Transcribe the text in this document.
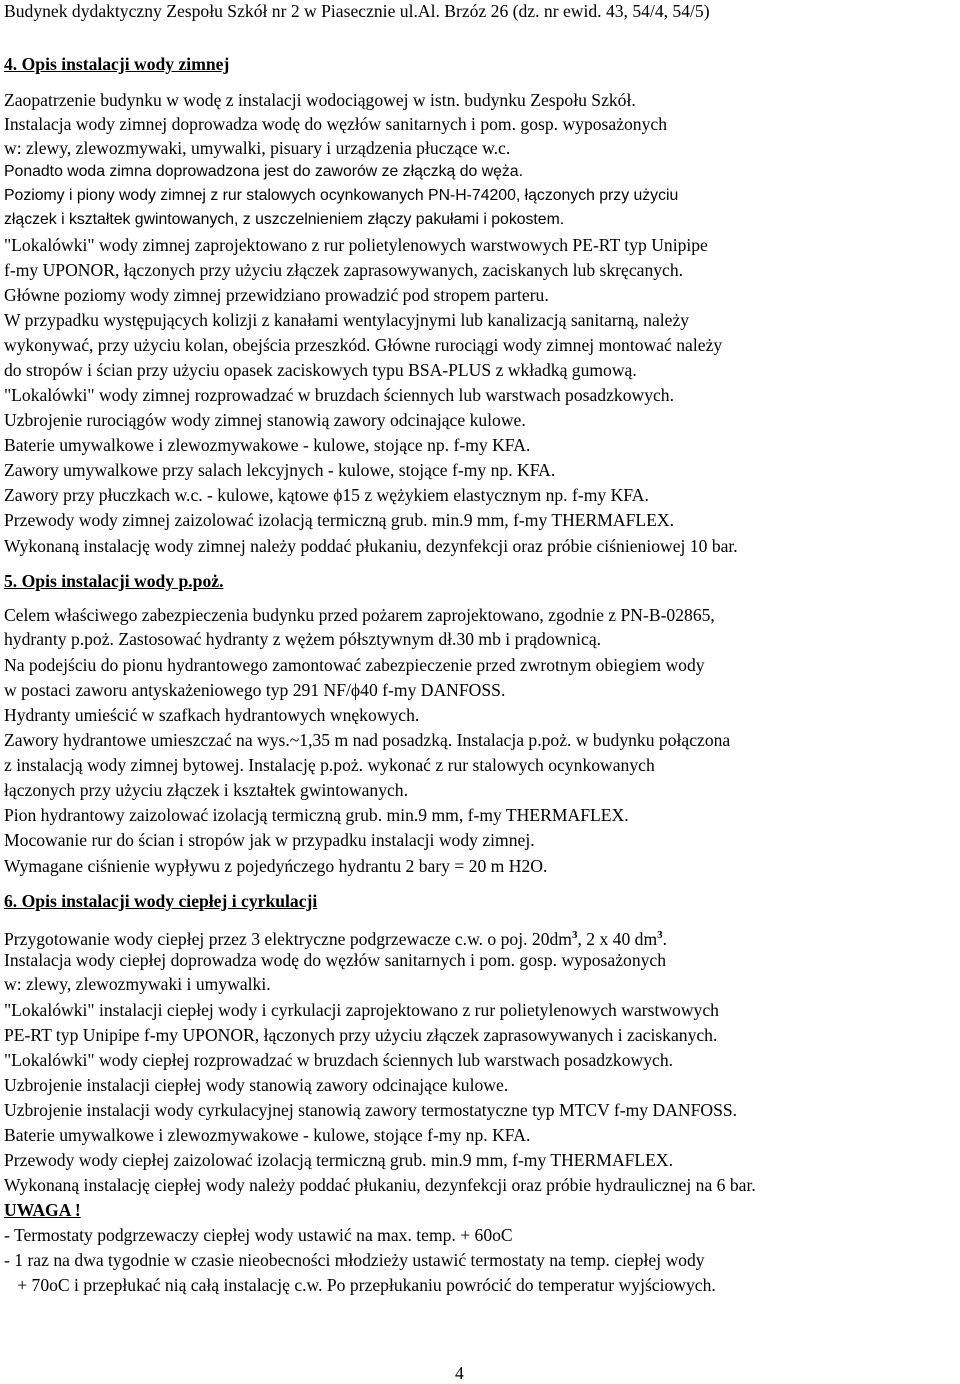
Budynek dydaktyczny Zespołu Szkół nr 2 w Piasecznie ul.Al. Brzóz 26 (dz. nr ewid. 43, 54/4, 54/5)
4. Opis instalacji wody zimnej
Zaopatrzenie budynku w wodę z instalacji wodociągowej w istn. budynku Zespołu Szkół.
Instalacja wody zimnej doprowadza wodę do węzłów sanitarnych i pom. gosp. wyposażonych
w: zlewy, zlewozmywaki, umywalki, pisuary i urządzenia płuczące w.c.
Ponadto woda zimna doprowadzona jest do zaworów ze złączką do węża.
Poziomy i piony wody zimnej z rur stalowych ocynkowanych PN-H-74200, łączonych przy użyciu
złączek i kształtek gwintowanych, z uszczelnieniem złączy pakułami i pokostem.
"Lokalówki" wody zimnej zaprojektowano z rur polietylenowych warstwowych PE-RT typ Unipipe
f-my UPONOR, łączonych przy użyciu złączek zaprasowywanych, zaciskanych lub skręcanych.
Główne poziomy wody zimnej przewidziano prowadzić pod stropem parteru.
W przypadku występujących kolizji z kanałami wentylacyjnymi lub kanalizacją sanitarną, należy
wykonywać, przy użyciu kolan, obejścia przeszkód. Główne rurociągi wody zimnej montować należy
do stropów i ścian przy użyciu opasek zaciskowych typu BSA-PLUS z wkładką gumową.
"Lokalówki" wody zimnej rozprowadzać w bruzdach ściennych lub warstwach posadzkowych.
Uzbrojenie rurociągów wody zimnej stanowią zawory odcinające kulowe.
Baterie umywalkowe i zlewozmywakowe - kulowe, stojące np. f-my KFA.
Zawory umywalkowe przy salach lekcyjnych - kulowe, stojące f-my np. KFA.
Zawory przy płuczkach w.c. - kulowe, kątowe ϕ15 z wężykiem elastycznym np. f-my KFA.
Przewody wody zimnej zaizolować izolacją termiczną grub. min.9 mm, f-my THERMAFLEX.
Wykonaną instalację wody zimnej należy poddać płukaniu, dezynfekcji oraz próbie ciśnieniowej 10 bar.
5. Opis instalacji wody p.poż.
Celem właściwego zabezpieczenia budynku przed pożarem zaprojektowano, zgodnie z PN-B-02865,
hydranty p.poż. Zastosować hydranty z wężem półsztywnym dł.30 mb i prądownicą.
Na podejściu do pionu hydrantowego zamontować zabezpieczenie przed zwrotnym obiegiem wody
w postaci zaworu antyskażeniowego typ 291 NF/ϕ40 f-my DANFOSS.
Hydranty umieścić w szafkach hydrantowych wnękowych.
Zawory hydrantowe umieszczać na wys.~1,35 m nad posadzką. Instalacja p.poż. w budynku połączona
z instalacją wody zimnej bytowej. Instalację p.poż. wykonać z rur stalowych ocynkowanych
łączonych przy użyciu złączek i kształtek gwintowanych.
Pion hydrantowy zaizolować izolacją termiczną grub. min.9 mm, f-my THERMAFLEX.
Mocowanie rur do ścian i stropów jak w przypadku instalacji wody zimnej.
Wymagane ciśnienie wypływu z pojedyńczego hydrantu 2 bary = 20 m H2O.
6. Opis instalacji wody ciepłej i cyrkulacji
Przygotowanie wody ciepłej przez 3 elektryczne podgrzewacze c.w. o poj. $20dm^3$, 2 x 40 $dm^3$.
Instalacja wody ciepłej doprowadza wodę do węzłów sanitarnych i pom. gosp. wyposażonych
w: zlewy, zlewozmywaki i umywalki.
"Lokalówki" instalacji ciepłej wody i cyrkulacji zaprojektowano z rur polietylenowych warstwowych
PE-RT typ Unipipe f-my UPONOR, łączonych przy użyciu złączek zaprasowywanych i zaciskanych.
"Lokalówki" wody ciepłej rozprowadzać w bruzdach ściennych lub warstwach posadzkowych.
Uzbrojenie instalacji ciepłej wody stanowią zawory odcinające kulowe.
Uzbrojenie instalacji wody cyrkulacyjnej stanowią zawory termostatyczne typ MTCV f-my DANFOSS.
Baterie umywalkowe i zlewozmywakowe - kulowe, stojące f-my np. KFA.
Przewody wody ciepłej zaizolować izolacją termiczną grub. min.9 mm, f-my THERMAFLEX.
Wykonaną instalację ciepłej wody należy poddać płukaniu, dezynfekcji oraz próbie hydraulicznej na 6 bar.
UWAGA !
- Termostaty podgrzewaczy ciepłej wody ustawić na max. temp. + 60oC
- 1 raz na dwa tygodnie w czasie nieobecności młodzieży ustawić termostaty na temp. ciepłej wody
+ 70oC i przepłukać nią całą instalację c.w. Po przepłukaniu powrócić do temperatur wyjściowych.
4
